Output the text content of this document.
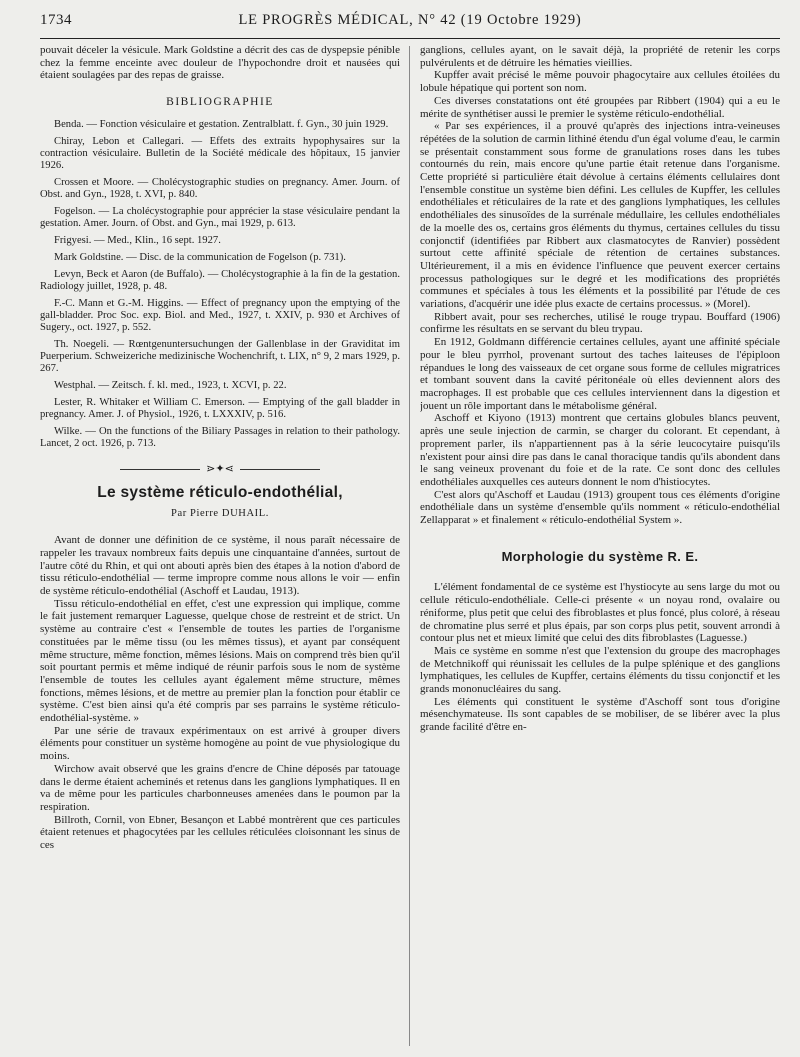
1734	LE PROGRÈS MÉDICAL, N° 42 (19 Octobre 1929)

pouvait déceler la vésicule. Mark Goldstine a décrit des cas de dyspepsie pénible chez la femme enceinte avec douleur de l'hypochondre droit et nausées qui étaient soulagées par des repas de graisse.

BIBLIOGRAPHIE

Benda. — Fonction vésiculaire et gestation. Zentralblatt. f. Gyn., 30 juin 1929.

Chiray, Lebon et Callegari. — Effets des extraits hypophysaires sur la contraction vésiculaire. Bulletin de la Société médicale des hôpitaux, 15 janvier 1926.

Crossen et Moore. — Cholécystographic studies on pregnancy. Amer. Journ. of Obst. and Gyn., 1928, t. XVI, p. 840.

Fogelson. — La cholécystographie pour apprécier la stase vésiculaire pendant la gestation. Amer. Journ. of Obst. and Gyn., mai 1929, p. 613.

Frigyesi. — Med., Klin., 16 sept. 1927.

Mark Goldstine. — Disc. de la communication de Fogelson (p. 731).

Levyn, Beck et Aaron (de Buffalo). — Cholécystographie à la fin de la gestation. Radiology juillet, 1928, p. 48.

F.-C. Mann et G.-M. Higgins. — Effect of pregnancy upon the emptying of the gall-bladder. Proc Soc. exp. Biol. and Med., 1927, t. XXIV, p. 930 et Archives of Sugery., oct. 1927, p. 552.

Th. Noegeli. — Rœntgenuntersuchungen der Gallenblase in der Graviditat im Puerperium. Schweizeriche medizinische Wochenchrift, t. LIX, n° 9, 2 mars 1929, p. 267.

Westphal. — Zeitsch. f. kl. med., 1923, t. XCVI, p. 22.

Lester, R. Whitaker et William C. Emerson. — Emptying of the gall bladder in pregnancy. Amer. J. of Physiol., 1926, t. LXXXIV, p. 516.

Wilke. — On the functions of the Biliary Passages in relation to their pathology. Lancet, 2 oct. 1926, p. 713.

⋗✦⋖
Le système réticulo-endothélial,
Par Pierre DUHAIL.

Avant de donner une définition de ce système, il nous paraît nécessaire de rappeler les travaux nombreux faits depuis une cinquantaine d'années, surtout de l'autre côté du Rhin, et qui ont abouti après bien des étapes à la notion d'abord de tissu réticulo-endothélial — terme impropre comme nous allons le voir — enfin de système réticulo-endothélial (Aschoff et Laudau, 1913).

Tissu réticulo-endothélial en effet, c'est une expression qui implique, comme le fait justement remarquer Laguesse, quelque chose de restreint et de strict. Un système au contraire c'est « l'ensemble de toutes les parties de l'organisme constituées par le même tissu (ou les mêmes tissus), et ayant par conséquent même structure, même fonction, mêmes lésions. Mais on comprend très bien qu'il soit pourtant permis et même indiqué de réunir parfois sous le nom de système l'ensemble de toutes les cellules ayant également même structure, mêmes fonctions, mêmes lésions, et de mettre au premier plan la fonction pour établir ce système. C'est bien ainsi qu'a été compris par ses parrains le système réticulo-endothélial-système. »

Par une série de travaux expérimentaux on est arrivé à grouper divers éléments pour constituer un système homogène au point de vue physiologique du moins.

Wirchow avait observé que les grains d'encre de Chine déposés par tatouage dans le derme étaient acheminés et retenus dans les ganglions lymphatiques. Il en va de même pour les particules charbonneuses amenées dans le poumon par la respiration.

Billroth, Cornil, von Ebner, Besançon et Labbé montrèrent que ces particules étaient retenues et phagocytées par les cellules réticulées cloisonnant les sinus de ces

ganglions, cellules ayant, on le savait déjà, la propriété de retenir les corps pulvérulents et de détruire les hématies vieillies.

Kupffer avait précisé le même pouvoir phagocytaire aux cellules étoilées du lobule hépatique qui portent son nom.

Ces diverses constatations ont été groupées par Ribbert (1904) qui a eu le mérite de synthétiser aussi le premier le système réticulo-endothélial.

« Par ses expériences, il a prouvé qu'après des injections intra-veineuses répétées de la solution de carmin lithiné étendu d'un égal volume d'eau, le carmin se présentait constamment sous forme de granulations roses dans les tubes contournés du rein, mais encore qu'une partie était retenue dans l'organisme. Cette propriété si particulière était dévolue à certains éléments cellulaires dont l'ensemble constitue un système bien défini. Les cellules de Kupffer, les cellules endothéliales et réticulaires de la rate et des ganglions lymphatiques, les cellules endothéliales des sinusoïdes de la surrénale médullaire, les cellules endothéliales de la moelle des os, certains gros éléments du thymus, certaines cellules du tissu conjonctif (identifiées par Ribbert aux clasmatocytes de Ranvier) possèdent surtout cette affinité spéciale de rétention de certaines substances. Ultérieurement, il a mis en évidence l'influence que peuvent exercer certains processus pathologiques sur le degré et les modifications des propriétés communes et spéciales à tous les éléments et la possibilité par l'étude de ces variations, d'acquérir une idée plus exacte de certains processus. » (Morel).

Ribbert avait, pour ses recherches, utilisé le rouge trypau. Bouffard (1906) confirme les résultats en se servant du bleu trypau.

En 1912, Goldmann différencie certaines cellules, ayant une affinité spéciale pour le bleu pyrrhol, provenant surtout des taches laiteuses de l'épiploon répandues le long des vaisseaux de cet organe sous forme de cellules migratrices et tombant souvent dans la cavité péritonéale où elles deviennent alors des macrophages. Il est probable que ces cellules interviennent dans la digestion et jouent un rôle important dans le métabolisme général.

Aschoff et Kiyono (1913) montrent que certains globules blancs peuvent, après une seule injection de carmin, se charger du colorant. Et cependant, à proprement parler, ils n'appartiennent pas à la série leucocytaire puisqu'ils n'existent pour ainsi dire pas dans le canal thoracique tandis qu'ils abondent dans le sang veineux provenant du foie et de la rate. Ce sont donc des cellules endothéliales auxquelles ces auteurs donnent le nom d'histiocytes.

C'est alors qu'Aschoff et Laudau (1913) groupent tous ces éléments d'origine endothéliale dans un système d'ensemble qu'ils nomment « réticulo-endothélial Zellapparat » et finalement « réticulo-endothélial System ».

Morphologie du système R. E.

L'élément fondamental de ce système est l'hystiocyte au sens large du mot ou cellule réticulo-endothéliale. Celle-ci présente « un noyau rond, ovalaire ou réniforme, plus petit que celui des fibroblastes et plus foncé, plus coloré, à réseau de chromatine plus serré et plus épais, par son corps plus petit, souvent arrondi à contour plus net et mieux limité que celui des dits fibroblastes (Laguesse.)

Mais ce système en somme n'est que l'extension du groupe des macrophages de Metchnikoff qui réunissait les cellules de la pulpe splénique et des ganglions lymphatiques, les cellules de Kupffer, certains éléments du tissu conjonctif et les grands mononucléaires du sang.

Les éléments qui constituent le système d'Aschoff sont tous d'origine mésenchymateuse. Ils sont capables de se mobiliser, de se libérer avec la plus grande facilité d'être en-
